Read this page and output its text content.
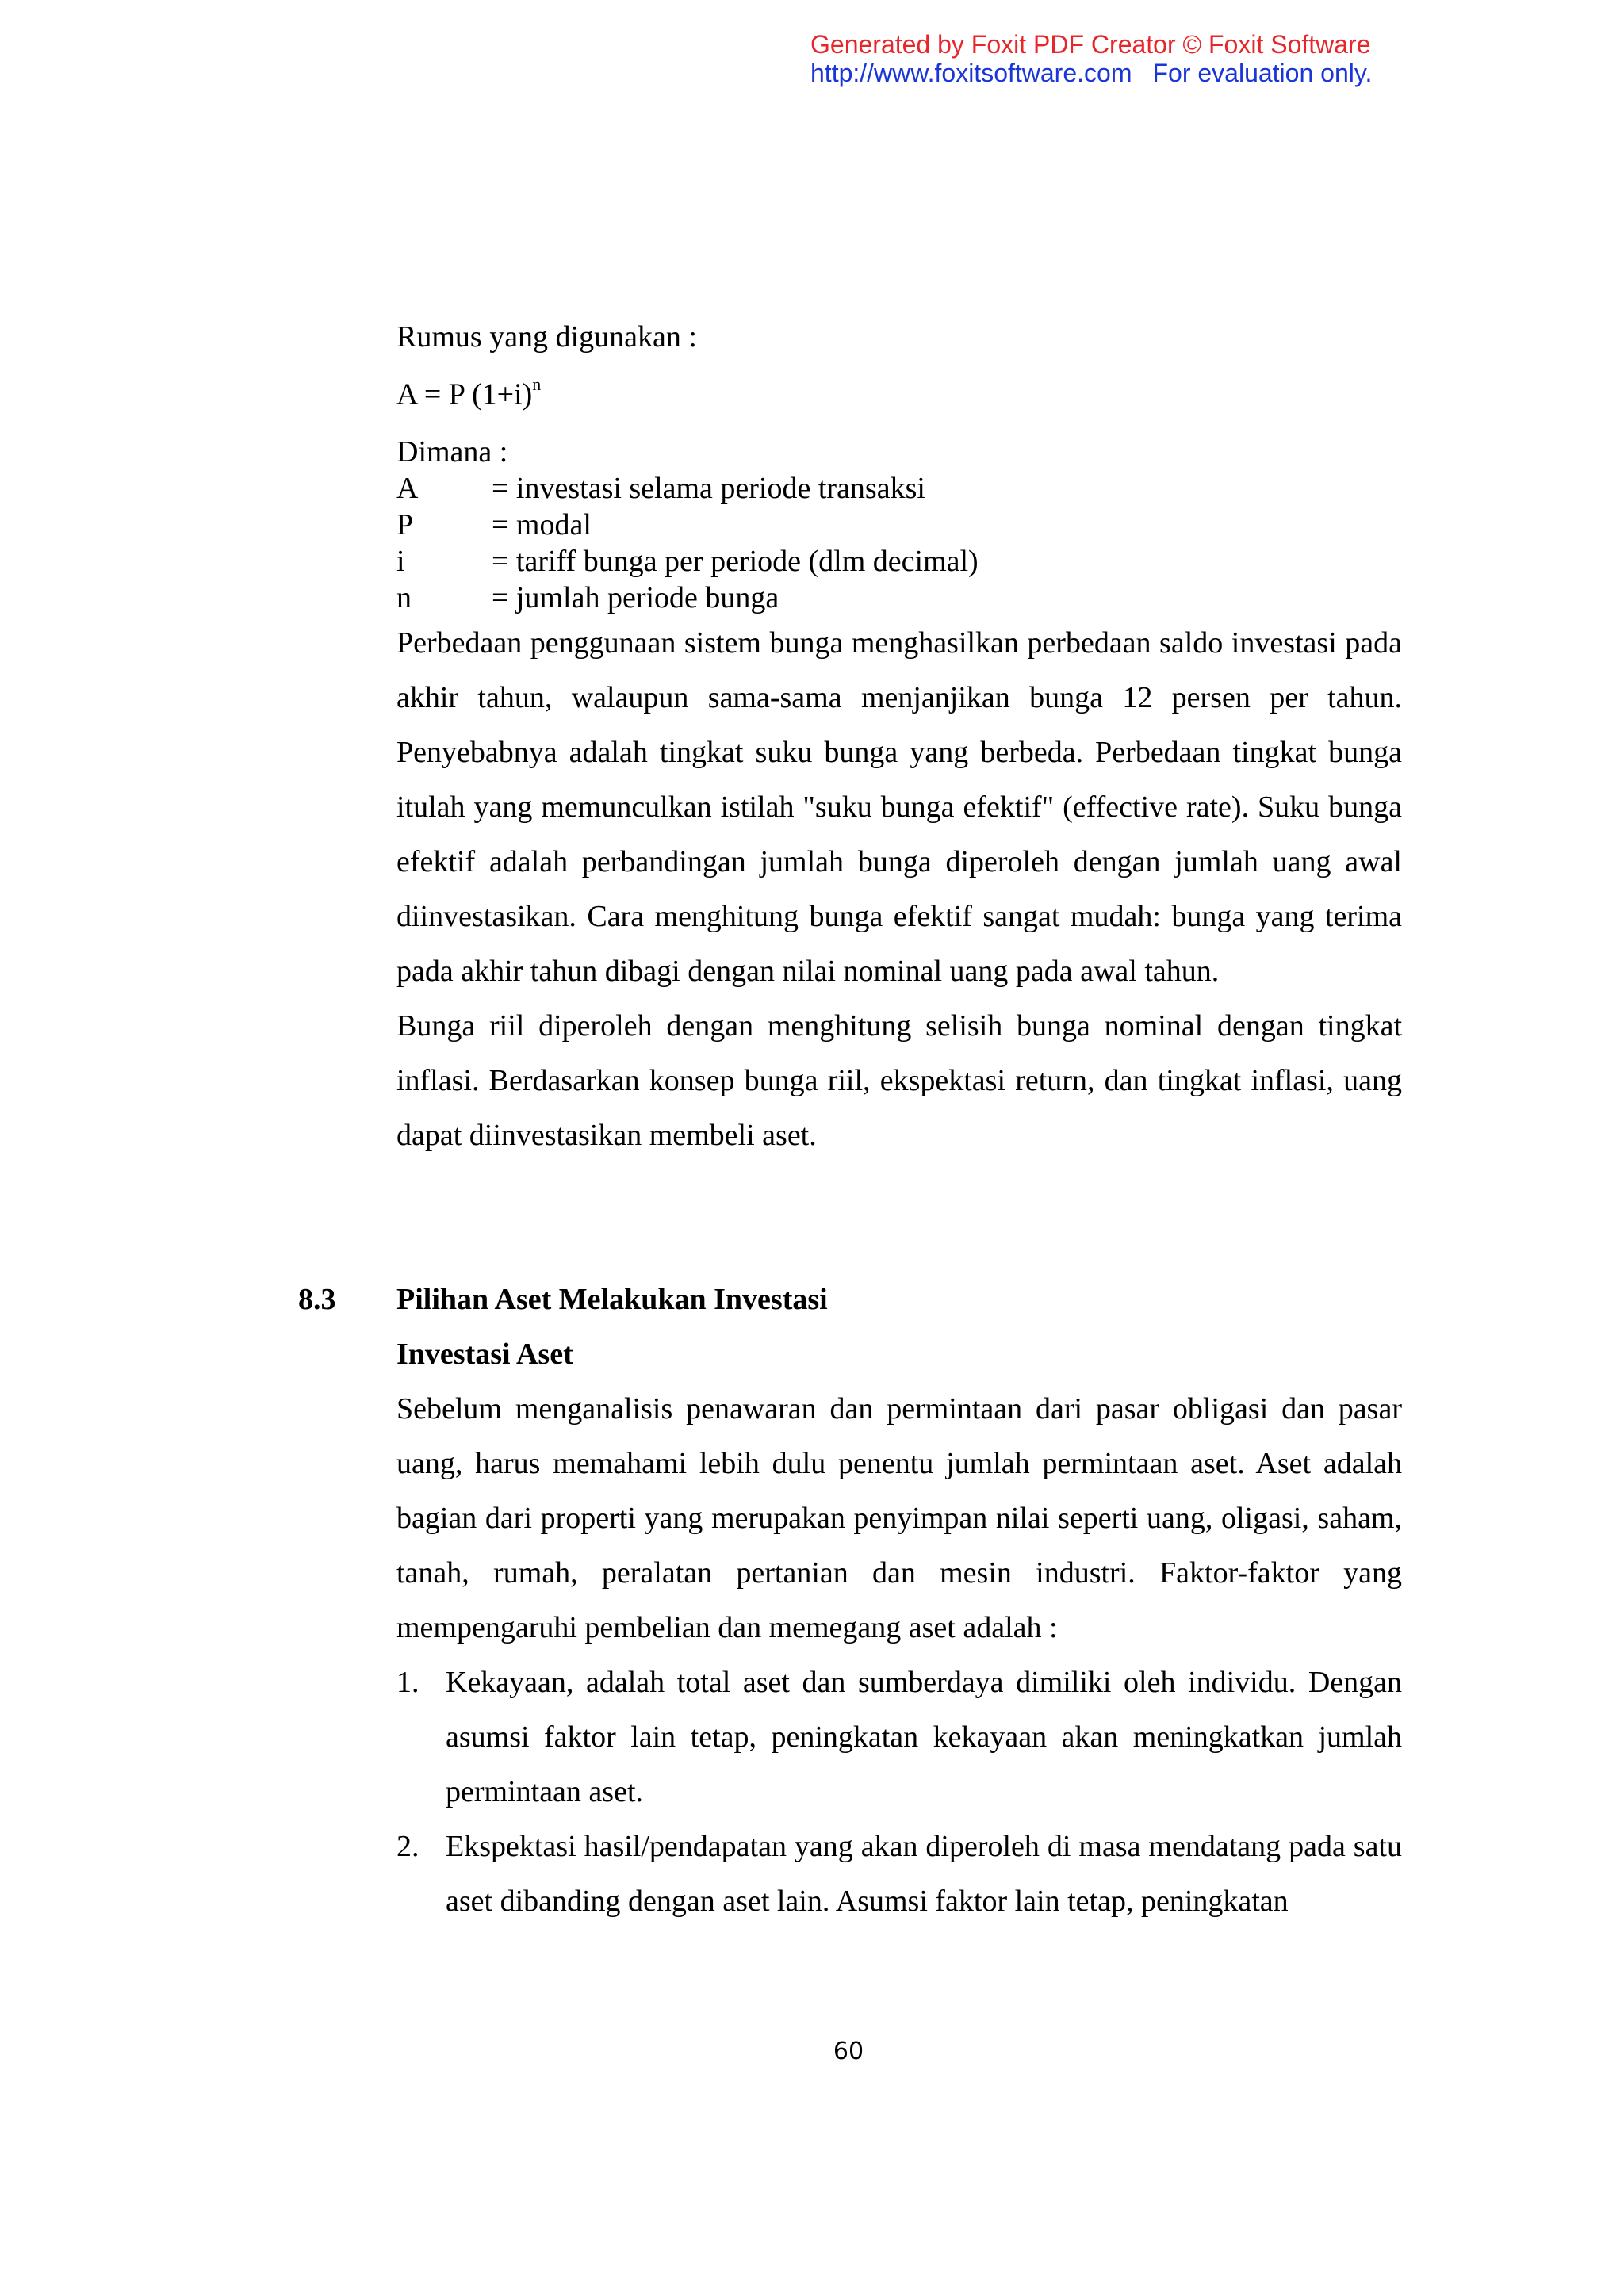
Generated by Foxit PDF Creator © Foxit Software
http://www.foxitsoftware.com For evaluation only.

Rumus yang digunakan :

A = P $(1+i)^n$

Dimana :

A	= investasi selama periode transaksi
P	= modal
i	= tariff bunga per periode (dlm decimal)
n	= jumlah periode bunga

Perbedaan penggunaan sistem bunga menghasilkan perbedaan saldo investasi pada akhir tahun, walaupun sama-sama menjanjikan bunga 12 persen per tahun. Penyebabnya adalah tingkat suku bunga yang berbeda. Perbedaan tingkat bunga itulah yang memunculkan istilah "suku bunga efektif" (effective rate). Suku bunga efektif adalah perbandingan jumlah bunga diperoleh dengan jumlah uang awal diinvestasikan. Cara menghitung bunga efektif sangat mudah: bunga yang terima pada akhir tahun dibagi dengan nilai nominal uang pada awal tahun.

Bunga riil diperoleh dengan menghitung selisih bunga nominal dengan tingkat inflasi. Berdasarkan konsep bunga riil, ekspektasi return, dan tingkat inflasi, uang dapat diinvestasikan membeli aset.

8.3	Pilihan Aset Melakukan Investasi
Investasi Aset

Sebelum menganalisis penawaran dan permintaan dari pasar obligasi dan pasar uang, harus memahami lebih dulu penentu jumlah permintaan aset. Aset adalah bagian dari properti yang merupakan penyimpan nilai seperti uang, oligasi, saham, tanah, rumah, peralatan pertanian dan mesin industri. Faktor-faktor yang mempengaruhi pembelian dan memegang aset adalah :

1. Kekayaan, adalah total aset dan sumberdaya dimiliki oleh individu. Dengan asumsi faktor lain tetap, peningkatan kekayaan akan meningkatkan jumlah permintaan aset.
2. Ekspektasi hasil/pendapatan yang akan diperoleh di masa mendatang pada satu aset dibanding dengan aset lain. Asumsi faktor lain tetap, peningkatan
60
